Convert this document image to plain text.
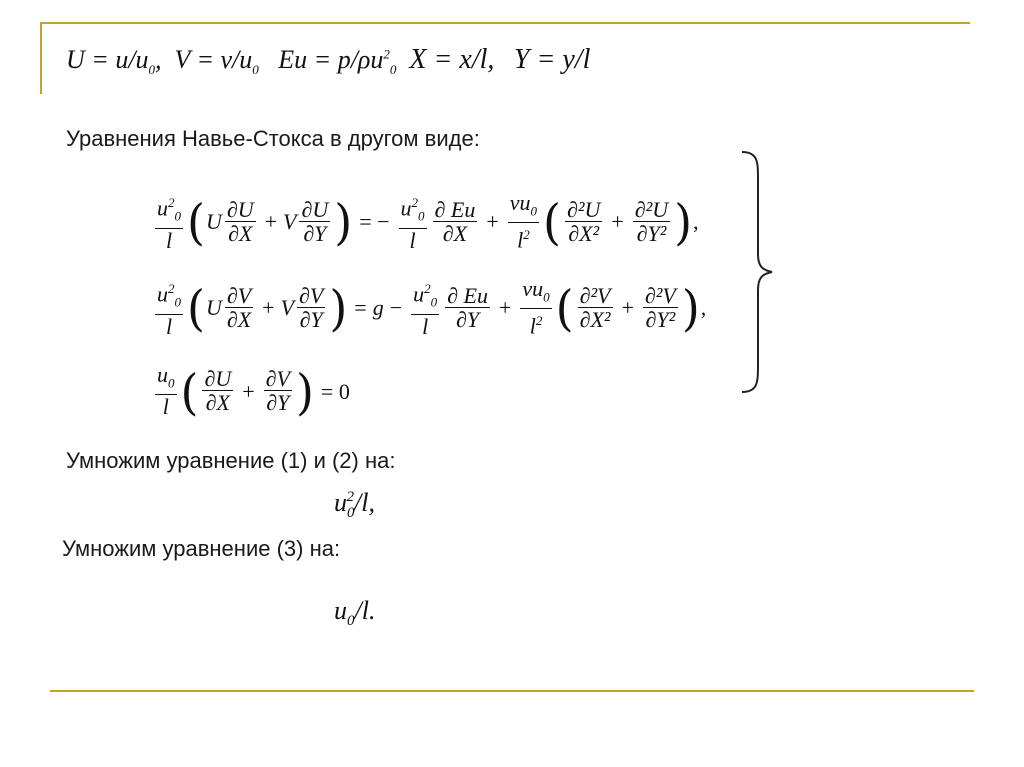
$U = u/u_0$,  $V = v/u_0$ $Eu = p/\rho u^2_0$ X = x/l, Y = y/l
Уравнения Навье-Стокса в другом виде:
$\frac{u^2_0}{l}$ ( U $\frac{\partial U}{\partial X} + V \frac{\partial U}{\partial Y}$ ) = − $\frac{u^2_0}{l} \frac{\partial Eu}{\partial X} + \frac{\nu u_0}{l^2}$ ( $\frac{\text{∂²U}}{\text{∂X²}} + \frac{\text{∂²U}}{\text{∂Y²}}$ ) ,
$\frac{u^2_0}{l}$ ( U $\frac{\partial V}{\partial X} + V \frac{\partial V}{\partial Y}$ ) = $g - \frac{u^2_0}{l} \frac{\partial Eu}{\partial Y} + \frac{\nu u_0}{l^2}$ ( $\frac{\text{∂²V}}{\text{∂X²}} + \frac{\text{∂²V}}{\text{∂Y²}}$ ) ,
$\frac{u_0}{l}$ ( $\frac{\partial U}{\partial X} + \frac{\partial V}{\partial Y}$ ) = 0
Умножим уравнение (1) и (2) на:
$u_0^2/l$,
Умножим уравнение (3) на:
$u_0/l$.
